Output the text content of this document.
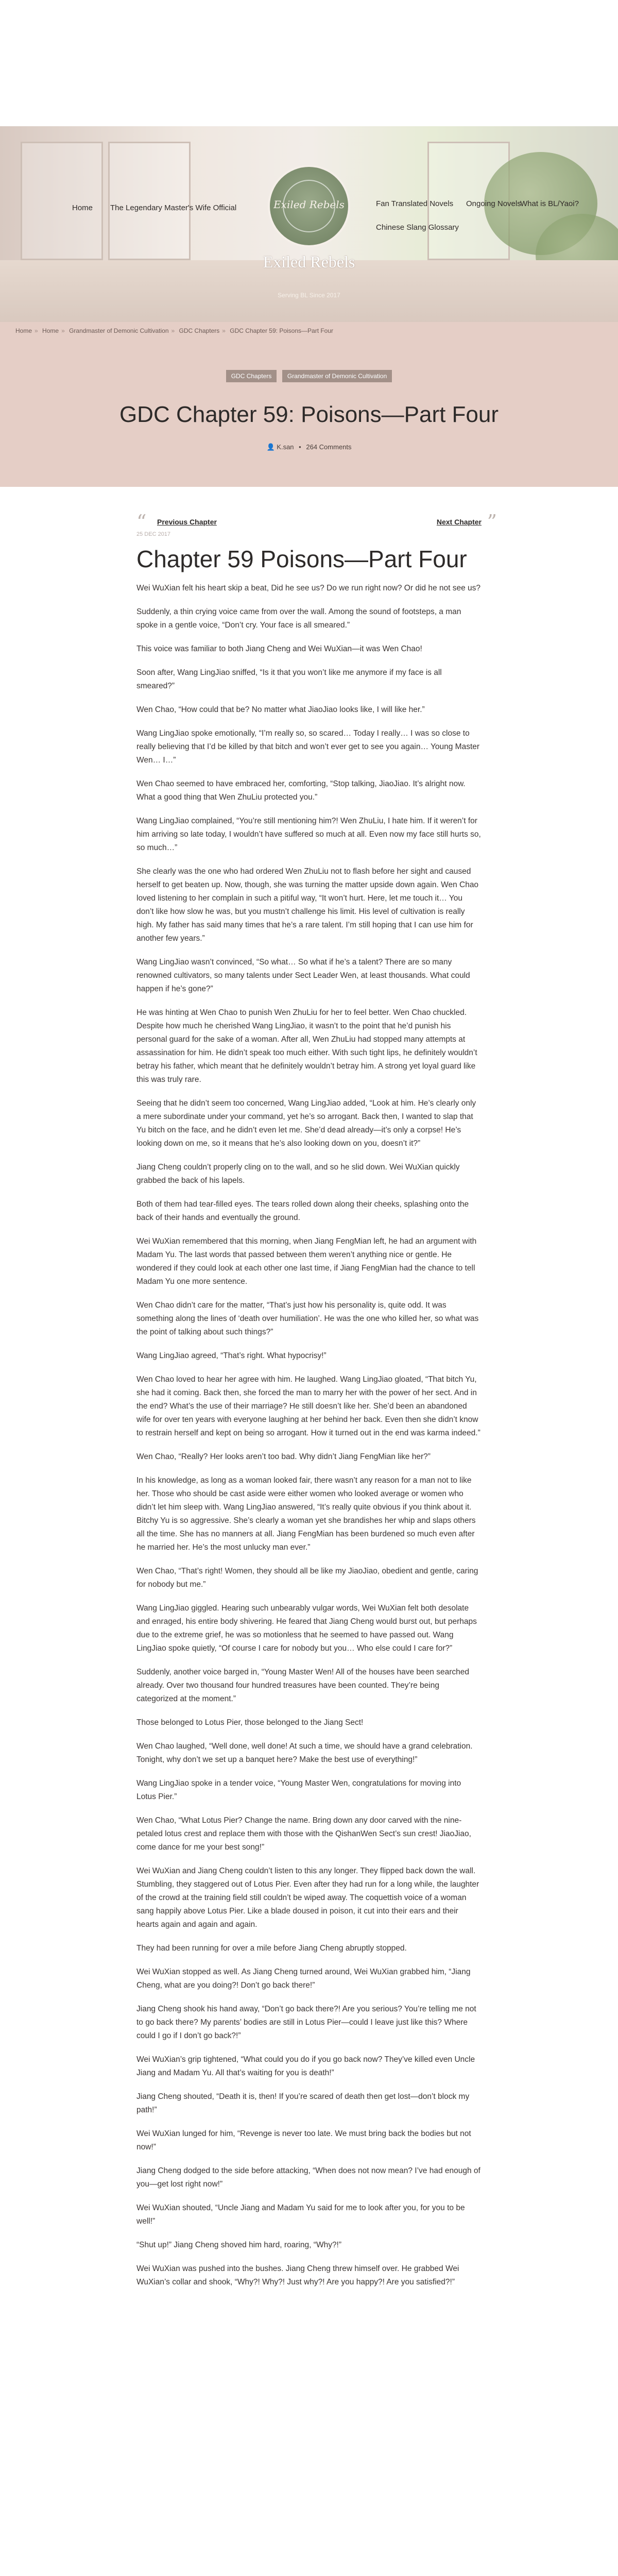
Exiled Rebels
Home The Legendary Master's Wife Official	Fan Translated Novels Ongoing Novels
What is BL/Yaoi?
Chinese Slang Glossary
Exiled Rebels
Serving BL Since 2017
Home » Home » Grandmaster of Demonic Cultivation » GDC Chapters » GDC Chapter 59: Poisons—Part Four
GDC Chapters	Grandmaster of Demonic Cultivation
GDC Chapter 59: Poisons—Part Four
👤 K.san • 264 Comments
“ Previous Chapter	Next Chapter ”
25 DEC 2017
Chapter 59 Poisons—Part Four

Wei WuXian felt his heart skip a beat, Did he see us? Do we run right now? Or did he not see us?

Suddenly, a thin crying voice came from over the wall. Among the sound of footsteps, a man spoke in a gentle voice, “Don’t cry. Your face is all smeared.”

This voice was familiar to both Jiang Cheng and Wei WuXian—it was Wen Chao!

Soon after, Wang LingJiao sniffed, “Is it that you won’t like me anymore if my face is all smeared?”

Wen Chao, “How could that be? No matter what JiaoJiao looks like, I will like her.”

Wang LingJiao spoke emotionally, “I’m really so, so scared… Today I really… I was so close to really believing that I’d be killed by that bitch and won’t ever get to see you again… Young Master Wen… I…”

Wen Chao seemed to have embraced her, comforting, “Stop talking, JiaoJiao. It’s alright now. What a good thing that Wen ZhuLiu protected you.”

Wang LingJiao complained, “You’re still mentioning him?! Wen ZhuLiu, I hate him. If it weren’t for him arriving so late today, I wouldn’t have suffered so much at all. Even now my face still hurts so, so much…”

She clearly was the one who had ordered Wen ZhuLiu not to flash before her sight and caused herself to get beaten up. Now, though, she was turning the matter upside down again. Wen Chao loved listening to her complain in such a pitiful way, “It won’t hurt. Here, let me touch it… You don’t like how slow he was, but you mustn’t challenge his limit. His level of cultivation is really high. My father has said many times that he’s a rare talent. I’m still hoping that I can use him for another few years.”

Wang LingJiao wasn’t convinced, “So what… So what if he’s a talent? There are so many renowned cultivators, so many talents under Sect Leader Wen, at least thousands. What could happen if he’s gone?”

He was hinting at Wen Chao to punish Wen ZhuLiu for her to feel better. Wen Chao chuckled. Despite how much he cherished Wang LingJiao, it wasn’t to the point that he’d punish his personal guard for the sake of a woman. After all, Wen ZhuLiu had stopped many attempts at assassination for him. He didn’t speak too much either. With such tight lips, he definitely wouldn’t betray his father, which meant that he definitely wouldn’t betray him. A strong yet loyal guard like this was truly rare.

Seeing that he didn’t seem too concerned, Wang LingJiao added, “Look at him. He’s clearly only a mere subordinate under your command, yet he’s so arrogant. Back then, I wanted to slap that Yu bitch on the face, and he didn’t even let me. She’d dead already—it’s only a corpse! He’s looking down on me, so it means that he’s also looking down on you, doesn’t it?”

Jiang Cheng couldn’t properly cling on to the wall, and so he slid down. Wei WuXian quickly grabbed the back of his lapels.

Both of them had tear-filled eyes. The tears rolled down along their cheeks, splashing onto the back of their hands and eventually the ground.

Wei WuXian remembered that this morning, when Jiang FengMian left, he had an argument with Madam Yu. The last words that passed between them weren’t anything nice or gentle. He wondered if they could look at each other one last time, if Jiang FengMian had the chance to tell Madam Yu one more sentence.

Wen Chao didn’t care for the matter, “That’s just how his personality is, quite odd. It was something along the lines of ‘death over humiliation’. He was the one who killed her, so what was the point of talking about such things?”

Wang LingJiao agreed, “That’s right. What hypocrisy!”

Wen Chao loved to hear her agree with him. He laughed. Wang LingJiao gloated, “That bitch Yu, she had it coming. Back then, she forced the man to marry her with the power of her sect. And in the end? What’s the use of their marriage? He still doesn’t like her. She’d been an abandoned wife for over ten years with everyone laughing at her behind her back. Even then she didn’t know to restrain herself and kept on being so arrogant. How it turned out in the end was karma indeed.”

Wen Chao, “Really? Her looks aren’t too bad. Why didn’t Jiang FengMian like her?”

In his knowledge, as long as a woman looked fair, there wasn’t any reason for a man not to like her. Those who should be cast aside were either women who looked average or women who didn’t let him sleep with. Wang LingJiao answered, “It’s really quite obvious if you think about it. Bitchy Yu is so aggressive. She’s clearly a woman yet she brandishes her whip and slaps others all the time. She has no manners at all. Jiang FengMian has been burdened so much even after he married her. He’s the most unlucky man ever.”

Wen Chao, “That’s right! Women, they should all be like my JiaoJiao, obedient and gentle, caring for nobody but me.”

Wang LingJiao giggled. Hearing such unbearably vulgar words, Wei WuXian felt both desolate and enraged, his entire body shivering. He feared that Jiang Cheng would burst out, but perhaps due to the extreme grief, he was so motionless that he seemed to have passed out. Wang LingJiao spoke quietly, “Of course I care for nobody but you… Who else could I care for?”

Suddenly, another voice barged in, “Young Master Wen! All of the houses have been searched already. Over two thousand four hundred treasures have been counted. They’re being categorized at the moment.”

Those belonged to Lotus Pier, those belonged to the Jiang Sect!

Wen Chao laughed, “Well done, well done! At such a time, we should have a grand celebration. Tonight, why don’t we set up a banquet here? Make the best use of everything!”

Wang LingJiao spoke in a tender voice, “Young Master Wen, congratulations for moving into Lotus Pier.”

Wen Chao, “What Lotus Pier? Change the name. Bring down any door carved with the nine-petaled lotus crest and replace them with those with the QishanWen Sect’s sun crest! JiaoJiao, come dance for me your best song!”

Wei WuXian and Jiang Cheng couldn’t listen to this any longer. They flipped back down the wall. Stumbling, they staggered out of Lotus Pier. Even after they had run for a long while, the laughter of the crowd at the training field still couldn’t be wiped away. The coquettish voice of a woman sang happily above Lotus Pier. Like a blade doused in poison, it cut into their ears and their hearts again and again and again.

They had been running for over a mile before Jiang Cheng abruptly stopped.

Wei WuXian stopped as well. As Jiang Cheng turned around, Wei WuXian grabbed him, “Jiang Cheng, what are you doing?! Don’t go back there!”

Jiang Cheng shook his hand away, “Don’t go back there?! Are you serious? You’re telling me not to go back there? My parents’ bodies are still in Lotus Pier—could I leave just like this? Where could I go if I don’t go back?!”

Wei WuXian’s grip tightened, “What could you do if you go back now? They’ve killed even Uncle Jiang and Madam Yu. All that’s waiting for you is death!”

Jiang Cheng shouted, “Death it is, then! If you’re scared of death then get lost—don’t block my path!”

Wei WuXian lunged for him, “Revenge is never too late. We must bring back the bodies but not now!”

Jiang Cheng dodged to the side before attacking, “When does not now mean? I’ve had enough of you—get lost right now!”

Wei WuXian shouted, “Uncle Jiang and Madam Yu said for me to look after you, for you to be well!”

“Shut up!” Jiang Cheng shoved him hard, roaring, “Why?!”

Wei WuXian was pushed into the bushes. Jiang Cheng threw himself over. He grabbed Wei WuXian’s collar and shook, “Why?! Why?! Just why?! Are you happy?! Are you satisfied?!”
